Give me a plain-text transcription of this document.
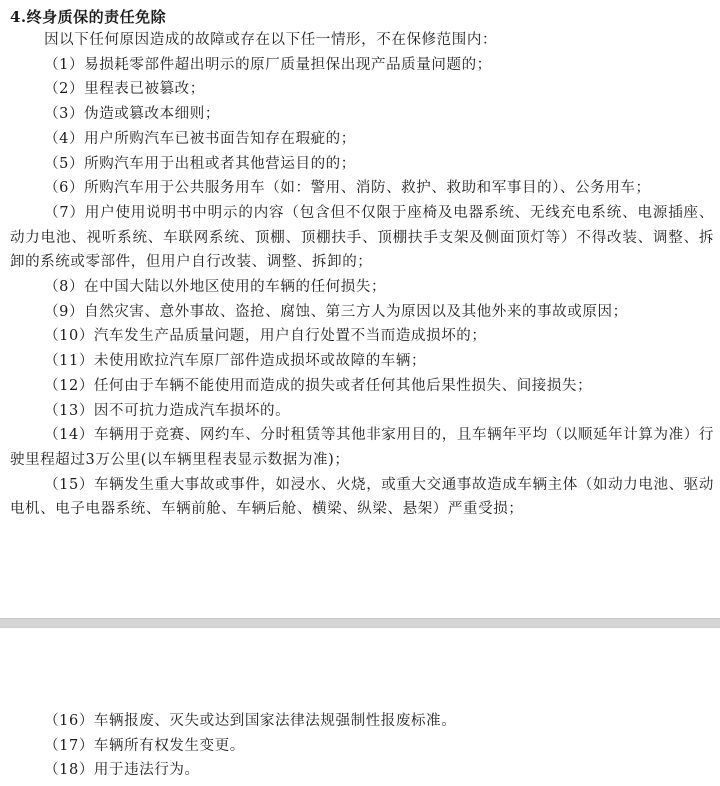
4.终身质保的责任免除

因以下任何原因造成的故障或存在以下任一情形，不在保修范围内：

（1）易损耗零部件超出明示的原厂质量担保出现产品质量问题的；

（2）里程表已被篡改；

（3）伪造或篡改本细则；

（4）用户所购汽车已被书面告知存在瑕疵的；

（5）所购汽车用于出租或者其他营运目的的；

（6）所购汽车用于公共服务用车（如：警用、消防、救护、救助和军事目的）、公务用车；

（7）用户使用说明书中明示的内容（包含但不仅限于座椅及电器系统、无线充电系统、电源插座、动力电池、视听系统、车联网系统、顶棚、顶棚扶手、顶棚扶手支架及侧面顶灯等）不得改装、调整、拆卸的系统或零部件，但用户自行改装、调整、拆卸的；

（8）在中国大陆以外地区使用的车辆的任何损失；

（9）自然灾害、意外事故、盗抢、腐蚀、第三方人为原因以及其他外来的事故或原因；

（10）汽车发生产品质量问题，用户自行处置不当而造成损坏的；

（11）未使用欧拉汽车原厂部件造成损坏或故障的车辆；

（12）任何由于车辆不能使用而造成的损失或者任何其他后果性损失、间接损失；

（13）因不可抗力造成汽车损坏的。

（14）车辆用于竞赛、网约车、分时租赁等其他非家用目的，且车辆年平均（以顺延年计算为准）行驶里程超过3万公里(以车辆里程表显示数据为准)；

（15）车辆发生重大事故或事件，如浸水、火烧，或重大交通事故造成车辆主体（如动力电池、驱动电机、电子电器系统、车辆前舱、车辆后舱、横梁、纵梁、悬架）严重受损；

（16）车辆报废、灭失或达到国家法律法规强制性报废标准。

（17）车辆所有权发生变更。

（18）用于违法行为。
